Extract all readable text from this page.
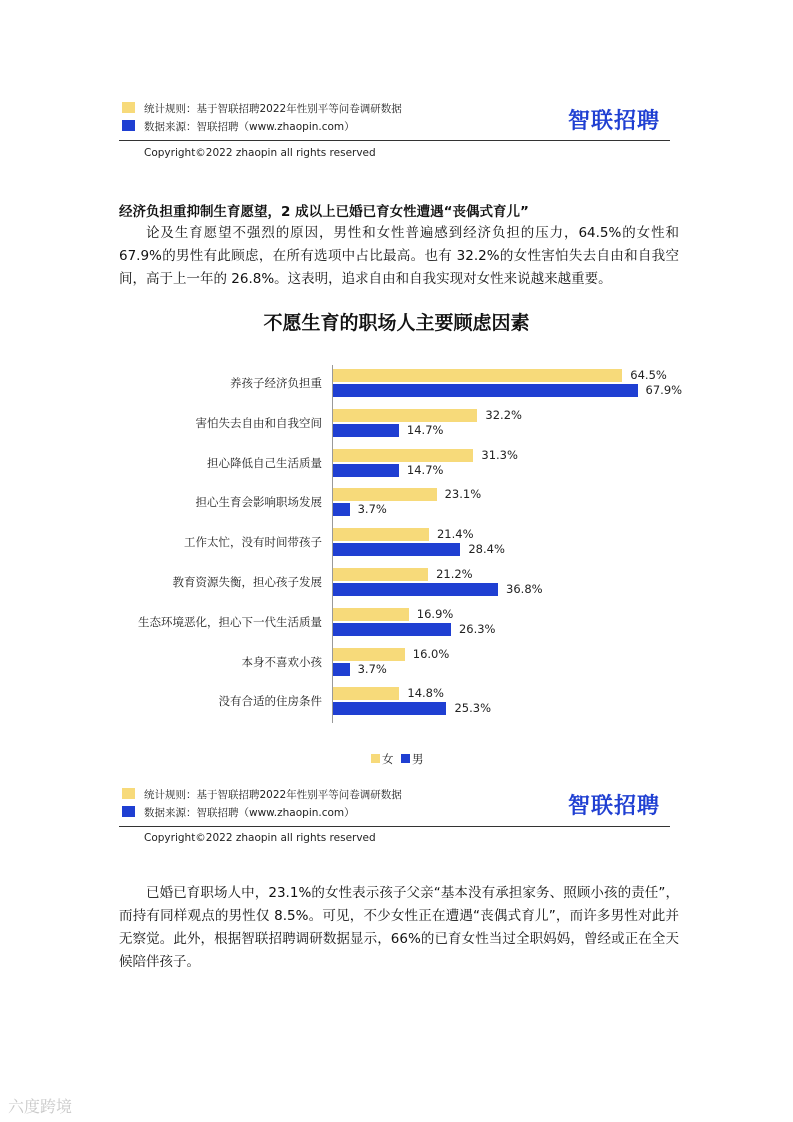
统计规则：基于智联招聘2022年性别平等问卷调研数据
数据来源：智联招聘（www.zhaopin.com）	智联招聘
Copyright©2022 zhaopin all rights reserved
经济负担重抑制生育愿望，2 成以上已婚已育女性遭遇“丧偶式育儿”
论及生育愿望不强烈的原因，男性和女性普遍感到经济负担的压力，64.5%的女性和 67.9%的男性有此顾虑，在所有选项中占比最高。也有 32.2%的女性害怕失去自由和自我空间，高于上一年的 26.8%。这表明，追求自由和自我实现对女性来说越来越重要。
不愿生育的职场人主要顾虑因素
养孩子经济负担重
64.5%
67.9%
害怕失去自由和自我空间
32.2%
14.7%
担心降低自己生活质量
31.3%
14.7%
担心生育会影响职场发展
23.1%
3.7%
工作太忙，没有时间带孩子
21.4%
28.4%
教育资源失衡，担心孩子发展
21.2%
36.8%
生态环境恶化，担心下一代生活质量
16.9%
26.3%
本身不喜欢小孩
16.0%
3.7%
没有合适的住房条件
14.8%
25.3%
女 男
统计规则：基于智联招聘2022年性别平等问卷调研数据
数据来源：智联招聘（www.zhaopin.com）	智联招聘
Copyright©2022 zhaopin all rights reserved
已婚已育职场人中，23.1%的女性表示孩子父亲“基本没有承担家务、照顾小孩的责任”，而持有同样观点的男性仅 8.5%。可见，不少女性正在遭遇“丧偶式育儿”，而许多男性对此并无察觉。此外，根据智联招聘调研数据显示，66%的已育女性当过全职妈妈，曾经或正在全天候陪伴孩子。
六度跨境
